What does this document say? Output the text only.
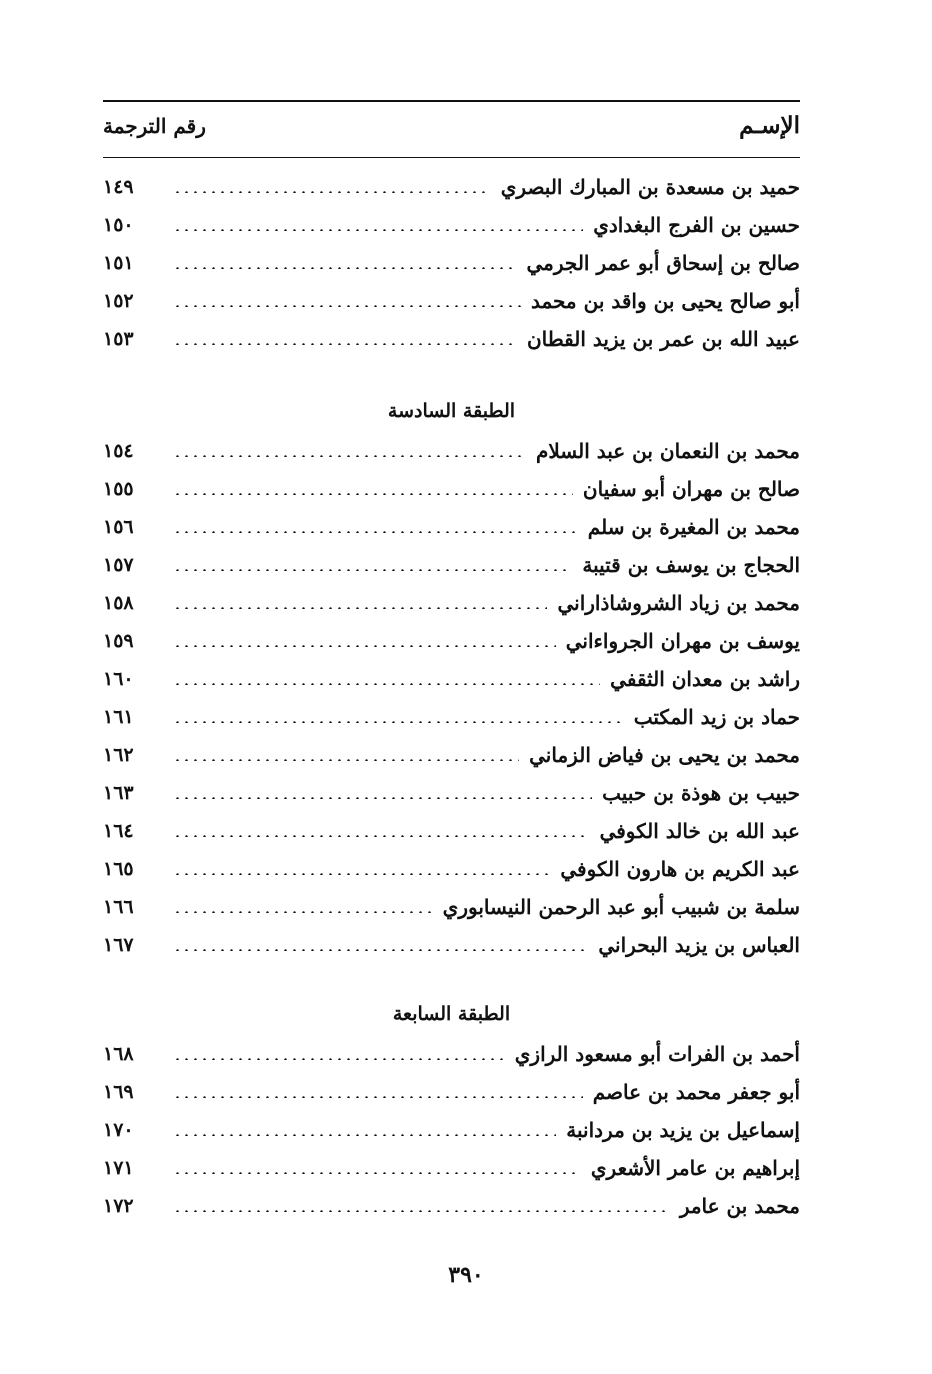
الإسـم
رقم الترجمة
حميد بن مسعدة بن المبارك البصري
١٤٩
حسين بن الفرج البغدادي
١٥٠
صالح بن إسحاق أبو عمر الجرمي
١٥١
أبو صالح يحيى بن واقد بن محمد
١٥٢
عبيد الله بن عمر بن يزيد القطان
١٥٣
الطبقة السادسة
محمد بن النعمان بن عبد السلام
١٥٤
صالح بن مهران أبو سفيان
١٥٥
محمد بن المغيرة بن سلم
١٥٦
الحجاج بن يوسف بن قتيبة
١٥٧
محمد بن زياد الشروشاذاراني
١٥٨
يوسف بن مهران الجرواءاني
١٥٩
راشد بن معدان الثقفي
١٦٠
حماد بن زيد المكتب
١٦١
محمد بن يحيى بن فياض الزماني
١٦٢
حبيب بن هوذة بن حبيب
١٦٣
عبد الله بن خالد الكوفي
١٦٤
عبد الكريم بن هارون الكوفي
١٦٥
سلمة بن شبيب أبو عبد الرحمن النيسابوري
١٦٦
العباس بن يزيد البحراني
١٦٧
الطبقة السابعة
أحمد بن الفرات أبو مسعود الرازي
١٦٨
أبو جعفر محمد بن عاصم
١٦٩
إسماعيل بن يزيد بن مردانبة
١٧٠
إبراهيم بن عامر الأشعري
١٧١
محمد بن عامر
١٧٢
٣٩٠
